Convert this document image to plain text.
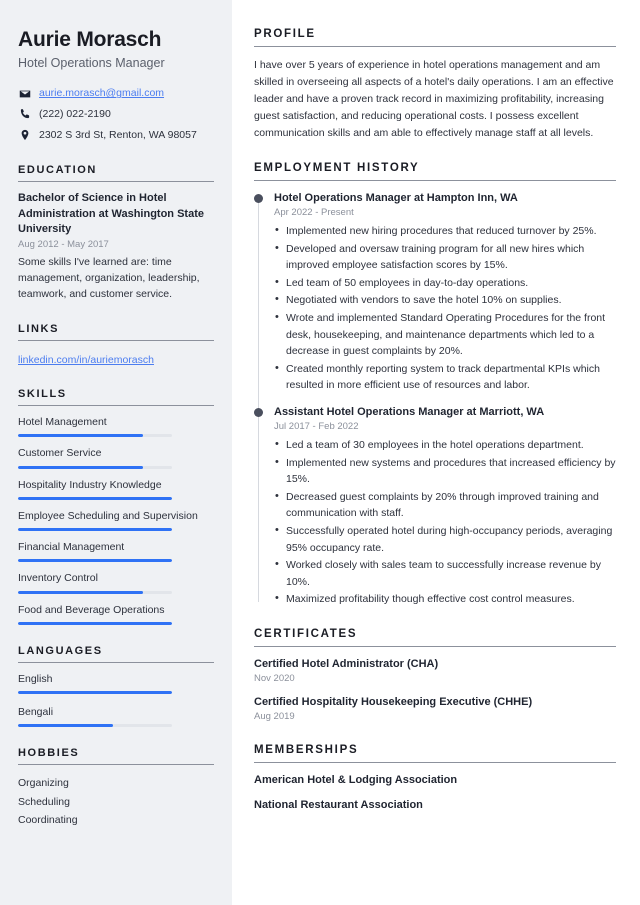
Aurie Morasch
Hotel Operations Manager
aurie.morasch@gmail.com
(222) 022-2190
2302 S 3rd St, Renton, WA 98057
EDUCATION
Bachelor of Science in Hotel Administration at Washington State University
Aug 2012 - May 2017
Some skills I've learned are: time management, organization, leadership, teamwork, and customer service.
LINKS
linkedin.com/in/auriemorasch
SKILLS
Hotel Management
Customer Service
Hospitality Industry Knowledge
Employee Scheduling and Supervision
Financial Management
Inventory Control
Food and Beverage Operations
LANGUAGES
English
Bengali
HOBBIES
Organizing
Scheduling
Coordinating
PROFILE

I have over 5 years of experience in hotel operations management and am skilled in overseeing all aspects of a hotel's daily operations. I am an effective leader and have a proven track record in maximizing profitability, increasing guest satisfaction, and reducing operational costs. I possess excellent communication skills and am able to effectively manage staff at all levels.

EMPLOYMENT HISTORY
Hotel Operations Manager at Hampton Inn, WA
Apr 2022 - Present
• Implemented new hiring procedures that reduced turnover by 25%.
• Developed and oversaw training program for all new hires which improved employee satisfaction scores by 15%.
• Led team of 50 employees in day-to-day operations.
• Negotiated with vendors to save the hotel 10% on supplies.
• Wrote and implemented Standard Operating Procedures for the front desk, housekeeping, and maintenance departments which led to a decrease in guest complaints by 20%.
• Created monthly reporting system to track departmental KPIs which resulted in more efficient use of resources and labor.
Assistant Hotel Operations Manager at Marriott, WA
Jul 2017 - Feb 2022
• Led a team of 30 employees in the hotel operations department.
• Implemented new systems and procedures that increased efficiency by 15%.
• Decreased guest complaints by 20% through improved training and communication with staff.
• Successfully operated hotel during high-occupancy periods, averaging 95% occupancy rate.
• Worked closely with sales team to successfully increase revenue by 10%.
• Maximized profitability though effective cost control measures.
CERTIFICATES
Certified Hotel Administrator (CHA)
Nov 2020
Certified Hospitality Housekeeping Executive (CHHE)
Aug 2019
MEMBERSHIPS
American Hotel & Lodging Association
National Restaurant Association
